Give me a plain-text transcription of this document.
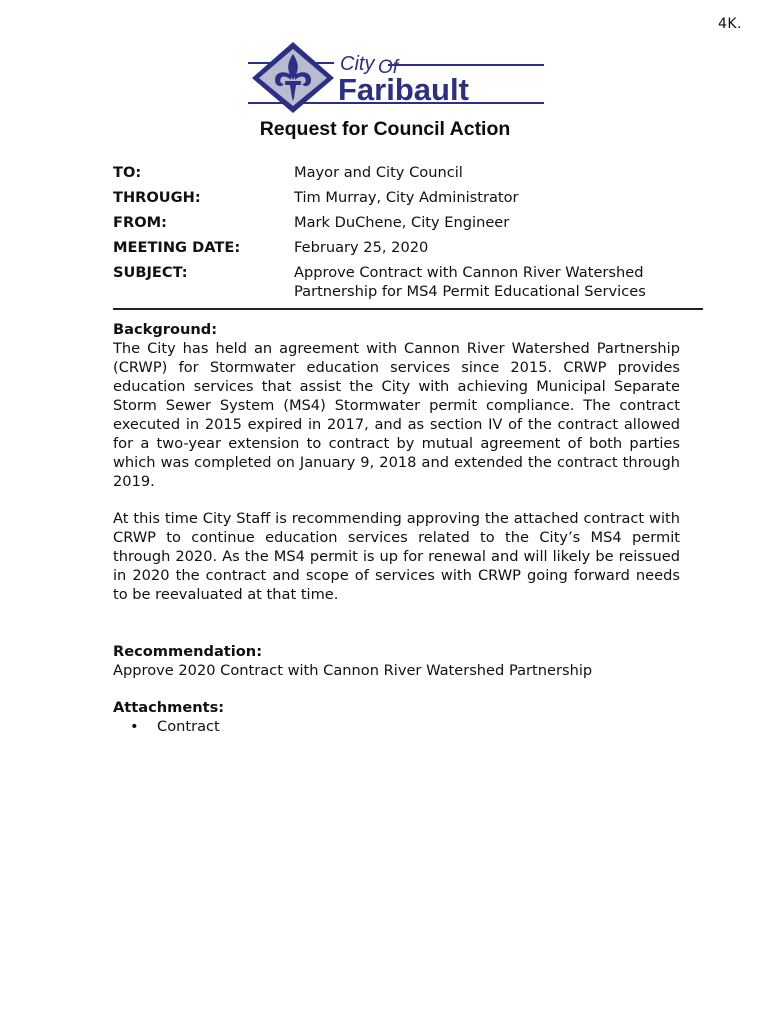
4K.
City Of
Faribault
Request for Council Action
TO:	Mayor and City Council
THROUGH:	Tim Murray, City Administrator
FROM:	Mark DuChene, City Engineer
MEETING DATE:	February 25, 2020
SUBJECT:	Approve Contract with Cannon River Watershed Partnership for MS4 Permit Educational Services
Background:

The City has held an agreement with Cannon River Watershed Partnership (CRWP) for Stormwater education services since 2015. CRWP provides education services that assist the City with achieving Municipal Separate Storm Sewer System (MS4) Stormwater permit compliance. The contract executed in 2015 expired in 2017, and as section IV of the contract allowed for a two-year extension to contract by mutual agreement of both parties which was completed on January 9, 2018 and extended the contract through 2019.

At this time City Staff is recommending approving the attached contract with CRWP to continue education services related to the City’s MS4 permit through 2020. As the MS4 permit is up for renewal and will likely be reissued in 2020 the contract and scope of services with CRWP going forward needs to be reevaluated at that time.

Recommendation:

Approve 2020 Contract with Cannon River Watershed Partnership

Attachments:
• Contract
